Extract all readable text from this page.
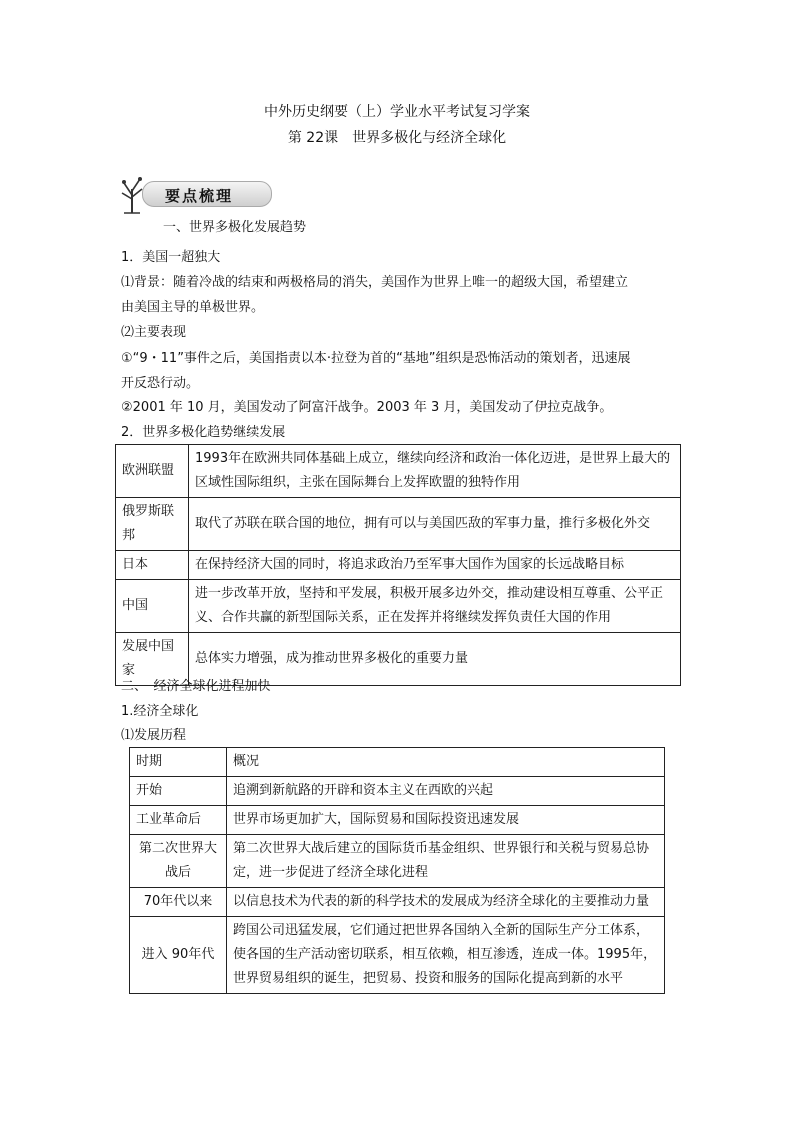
中外历史纲要（上）学业水平考试复习学案
第 22课　世界多极化与经济全球化
要点梳理
一、世界多极化发展趋势
1．美国一超独大
⑴背景：随着冷战的结束和两极格局的消失，美国作为世界上唯一的超级大国，希望建立
由美国主导的单极世界。
⑵主要表现
①“9・11”事件之后，美国指责以本·拉登为首的“基地”组织是恐怖活动的策划者，迅速展
开反恐行动。
②2001 年 10 月，美国发动了阿富汗战争。2003 年 3 月，美国发动了伊拉克战争。
2．世界多极化趋势继续发展
欧洲联盟	1993年在欧洲共同体基础上成立，继续向经济和政治一体化迈进，是世界上最大的区域性国际组织，主张在国际舞台上发挥欧盟的独特作用
俄罗斯联邦	取代了苏联在联合国的地位，拥有可以与美国匹敌的军事力量，推行多极化外交
日本	在保持经济大国的同时，将追求政治乃至军事大国作为国家的长远战略目标
中国	进一步改革开放，坚持和平发展，积极开展多边外交，推动建设相互尊重、公平正义、合作共赢的新型国际关系，正在发挥并将继续发挥负责任大国的作用
发展中国家	总体实力增强，成为推动世界多极化的重要力量
二、　经济全球化进程加快
1.经济全球化
⑴发展历程
时期	概况
开始	追溯到新航路的开辟和资本主义在西欧的兴起
工业革命后	世界市场更加扩大，国际贸易和国际投资迅速发展
第二次世界大战后	第二次世界大战后建立的国际货币基金组织、世界银行和关税与贸易总协定，进一步促进了经济全球化进程
70年代以来	以信息技术为代表的新的科学技术的发展成为经济全球化的主要推动力量
进入 90年代	跨国公司迅猛发展，它们通过把世界各国纳入全新的国际生产分工体系，使各国的生产活动密切联系，相互依赖，相互渗透，连成一体。1995年，世界贸易组织的诞生，把贸易、投资和服务的国际化提高到新的水平
